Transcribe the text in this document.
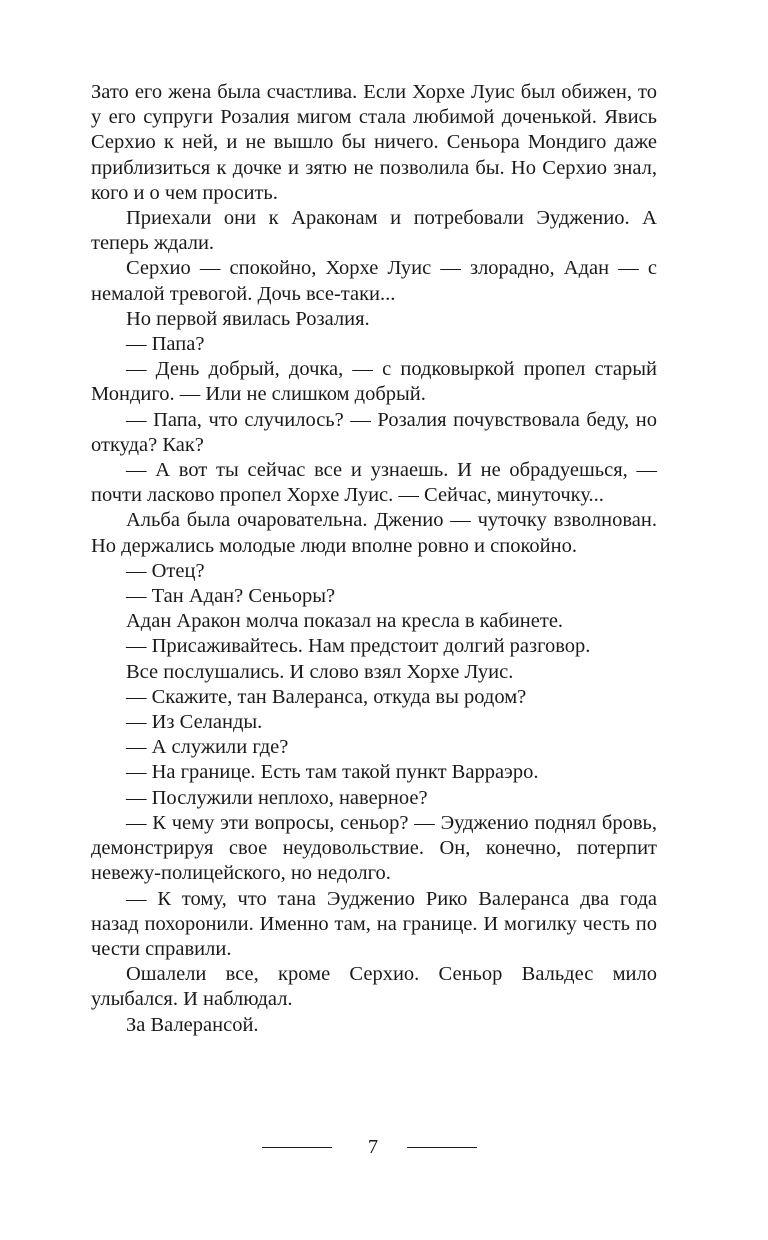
Зато его жена была счастлива. Если Хорхе Луис был обижен, то у его супруги Розалия мигом стала любимой доченькой. Явись Серхио к ней, и не вышло бы ничего. Сеньора Мондиго даже приблизиться к дочке и зятю не позволила бы. Но Серхио знал, кого и о чем просить.

Приехали они к Араконам и потребовали Эудженио. А теперь ждали.

Серхио — спокойно, Хорхе Луис — злорадно, Адан — с немалой тревогой. Дочь все-таки...

Но первой явилась Розалия.

— Папа?

— День добрый, дочка, — с подковыркой пропел старый Мондиго. — Или не слишком добрый.

— Папа, что случилось? — Розалия почувствовала беду, но откуда? Как?

— А вот ты сейчас все и узнаешь. И не обрадуешься, — почти ласково пропел Хорхе Луис. — Сейчас, минуточку...

Альба была очаровательна. Дженио — чуточку взволнован. Но держались молодые люди вполне ровно и спокойно.

— Отец?

— Тан Адан? Сеньоры?

Адан Аракон молча показал на кресла в кабинете.

— Присаживайтесь. Нам предстоит долгий разговор.

Все послушались. И слово взял Хорхе Луис.

— Скажите, тан Валеранса, откуда вы родом?

— Из Селанды.

— А служили где?

— На границе. Есть там такой пункт Варраэро.

— Послужили неплохо, наверное?

— К чему эти вопросы, сеньор? — Эудженио поднял бровь, демонстрируя свое неудовольствие. Он, конечно, потерпит невежу-полицейского, но недолго.

— К тому, что тана Эудженио Рико Валеранса два года назад похоронили. Именно там, на границе. И могилку честь по чести справили.

Ошалели все, кроме Серхио. Сеньор Вальдес мило улыбался. И наблюдал.

За Валерансой.

7
